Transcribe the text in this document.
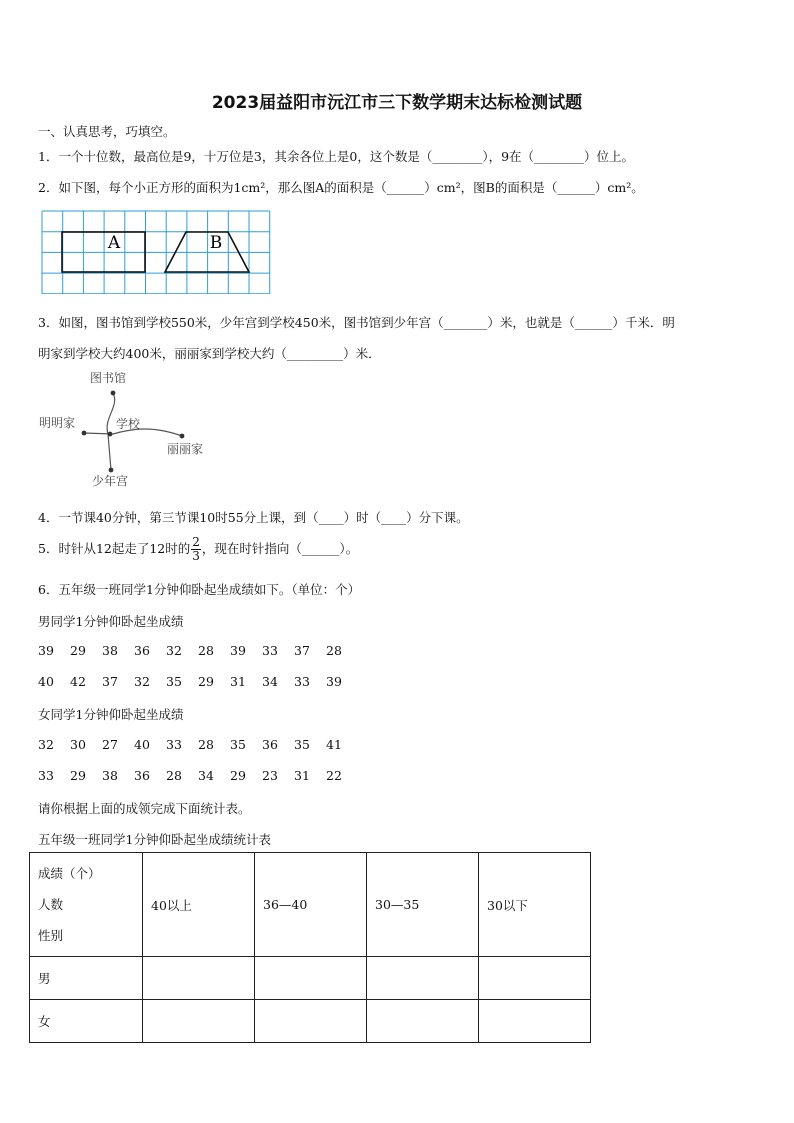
2023届益阳市沅江市三下数学期末达标检测试题
一、认真思考，巧填空。
1．一个十位数，最高位是9，十万位是3，其余各位上是0，这个数是（________），9在（________）位上。
2．如下图，每个小正方形的面积为1cm²，那么图A的面积是（______）cm²，图B的面积是（______）cm²。
A	B
3．如图，图书馆到学校550米，少年宫到学校450米，图书馆到少年宫（_______）米，也就是（______）千米．明
明家到学校大约400米，丽丽家到学校大约（_________）米．
图书馆
学校
明明家
丽丽家
少年宫
4．一节课40分钟，第三节课10时55分上课，到（____）时（____）分下课。
5．时针从12起走了12时的 $\frac{2}{3}$ ，现在时针指向（______）。
6．五年级一班同学1分钟仰卧起坐成绩如下。（单位：个）
男同学1分钟仰卧起坐成绩
39 29 38 36 32 28 39 33 37 28
40 42 37 32 35 29 31 34 33 39
女同学1分钟仰卧起坐成绩
32 30 27 40 33 28 35 36 35 41
33 29 38 36 28 34 29 23 31 22
请你根据上面的成领完成下面统计表。
五年级一班同学1分钟仰卧起坐成绩统计表
成绩（个）
人数
性别	40以上	36—40	30—35	30以下
男				
女				
